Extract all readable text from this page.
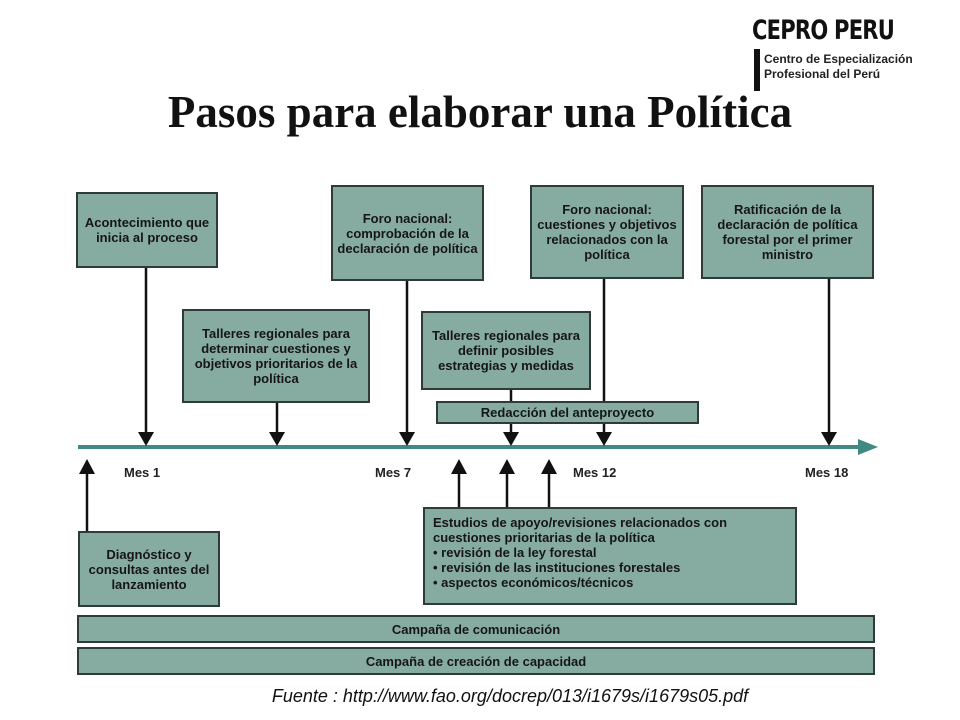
CEPRO PERU
Centro de Especialización
Profesional del Perú
Pasos para elaborar una Política
Mes 1	Mes 7	Mes 12	Mes 18
Acontecimiento que inicia al proceso
Foro nacional: comprobación de la declaración de política
Foro nacional: cuestiones y objetivos relacionados con la política
Ratificación de la declaración de política forestal por el primer ministro
Talleres regionales para determinar cuestiones y objetivos prioritarios de la política
Talleres regionales para definir posibles estrategias y medidas
Redacción del anteproyecto
Diagnóstico y consultas antes del lanzamiento
Estudios de apoyo/revisiones relacionados con cuestiones prioritarias de la política
• revisión de la ley forestal
• revisión de las instituciones forestales
• aspectos económicos/técnicos
Campaña de comunicación
Campaña de creación de capacidad
Fuente : http://www.fao.org/docrep/013/i1679s/i1679s05.pdf
